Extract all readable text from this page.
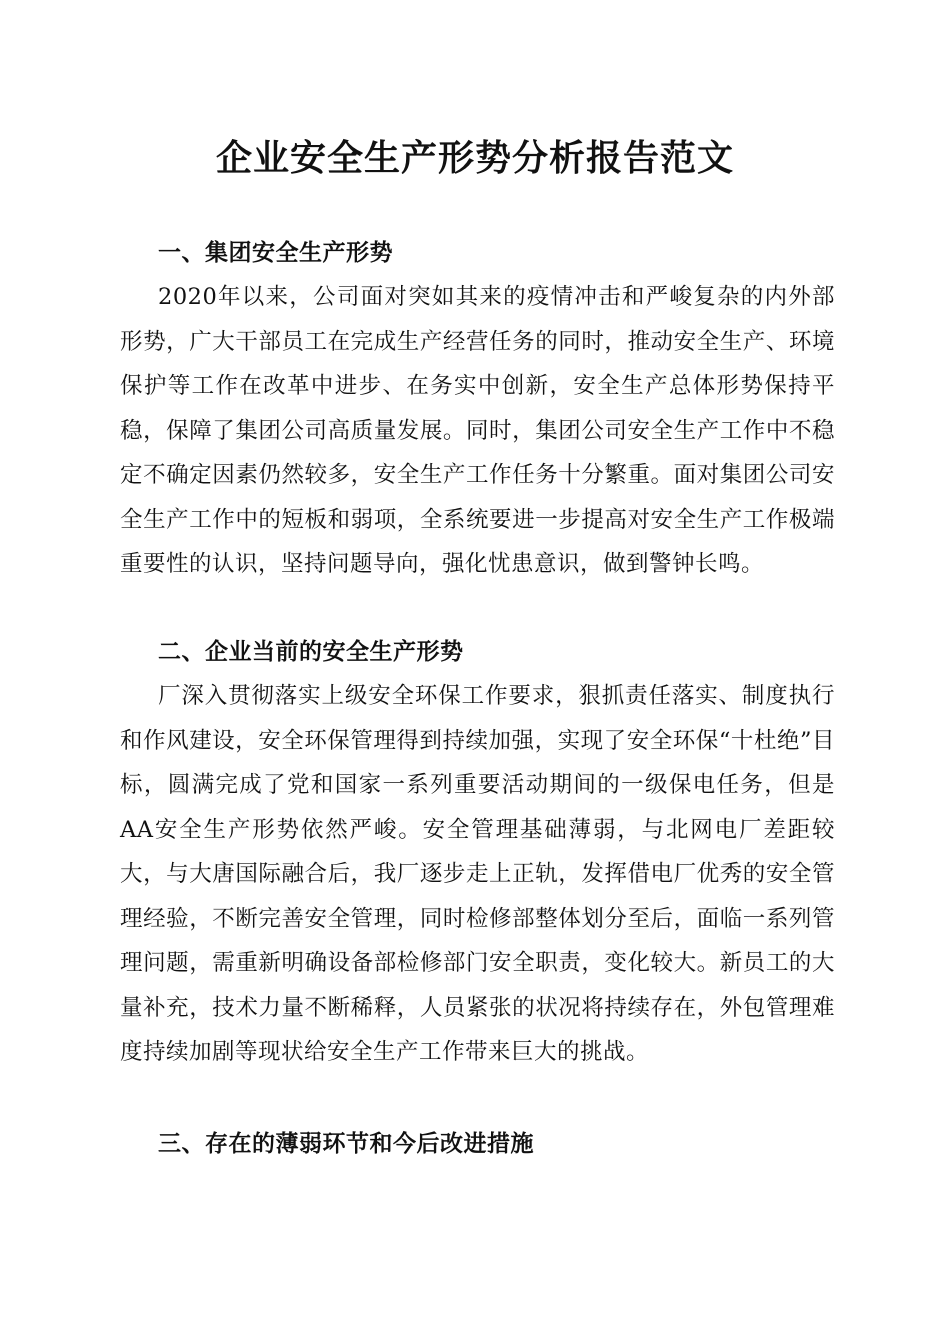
企业安全生产形势分析报告范文
一、集团安全生产形势

2020年以来，公司面对突如其来的疫情冲击和严峻复杂的内外部形势，广大干部员工在完成生产经营任务的同时，推动安全生产、环境保护等工作在改革中进步、在务实中创新，安全生产总体形势保持平稳，保障了集团公司高质量发展。同时，集团公司安全生产工作中不稳定不确定因素仍然较多，安全生产工作任务十分繁重。面对集团公司安全生产工作中的短板和弱项，全系统要进一步提高对安全生产工作极端重要性的认识，坚持问题导向，强化忧患意识，做到警钟长鸣。

二、企业当前的安全生产形势

厂深入贯彻落实上级安全环保工作要求，狠抓责任落实、制度执行和作风建设，安全环保管理得到持续加强，实现了安全环保“十杜绝”目标，圆满完成了党和国家一系列重要活动期间的一级保电任务，但是AA安全生产形势依然严峻。安全管理基础薄弱，与北网电厂差距较大，与大唐国际融合后，我厂逐步走上正轨，发挥借电厂优秀的安全管理经验，不断完善安全管理，同时检修部整体划分至后，面临一系列管理问题，需重新明确设备部检修部门安全职责，变化较大。新员工的大量补充，技术力量不断稀释，人员紧张的状况将持续存在，外包管理难度持续加剧等现状给安全生产工作带来巨大的挑战。

三、存在的薄弱环节和今后改进措施
